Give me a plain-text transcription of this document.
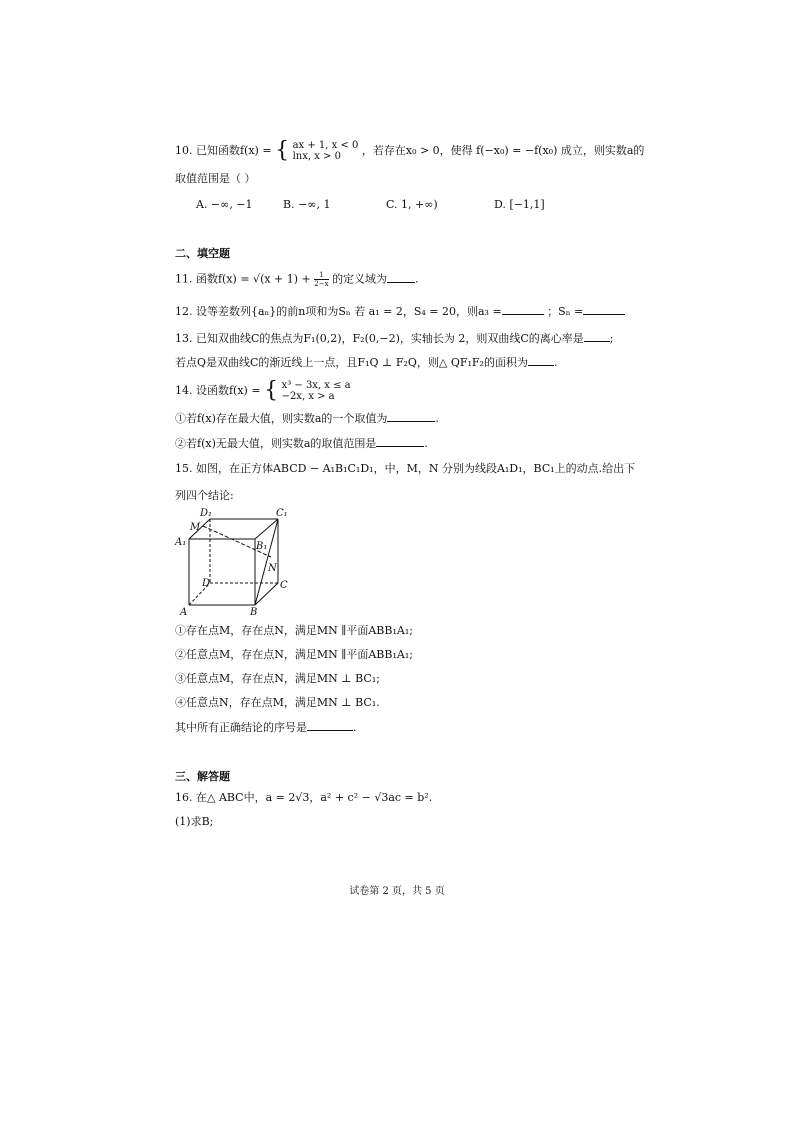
10. 已知函数f(x) = { ax + 1, x < 0
lnx, x > 0 ，若存在x₀ > 0，使得 f(−x₀) = −f(x₀) 成立，则实数a的
取值范围是（ ）
A. −∞, −1	B. −∞, 1	C. 1, +∞)	D. [−1,1]
二、填空题
11. 函数$f(x) = √(x + 1) + \frac{1}{2-x}$ 的定义域为	.
12. 设等差数列{aₙ}的前n项和为Sₙ 若 a₁ = 2，S₄ = 20，则a₃ =	；Sₙ =
13. 已知双曲线C的焦点为F₁(0,2)，F₂(0,−2)，实轴长为 2，则双曲线C的离心率是 ;
若点Q是双曲线C的渐近线上一点，且F₁Q ⊥ F₂Q，则△ QF₁F₂的面积为 .
14. 设函数f(x) = { x³ − 3x, x ≤ a
−2x, x > a
①若f(x)存在最大值，则实数a的一个取值为	.
②若f(x)无最大值，则实数a的取值范围是	.
15. 如图，在正方体ABCD − A₁B₁C₁D₁，中，M，N 分别为线段A₁D₁，BC₁上的动点.给出下
列四个结论:
D₁	C₁
M
A₁	B₁
N
D	C
A	B
①存在点M，存在点N，满足MN ∥平面ABB₁A₁;
②任意点M，存在点N，满足MN ∥平面ABB₁A₁;
③任意点M，存在点N，满足MN ⊥ BC₁;
④任意点N，存在点M，满足MN ⊥ BC₁.
其中所有正确结论的序号是	.
三、解答题
16. 在△ ABC中，a = 2√3，a² + c² − √3ac = b².
(1)求B;
试卷第 2 页，共 5 页
